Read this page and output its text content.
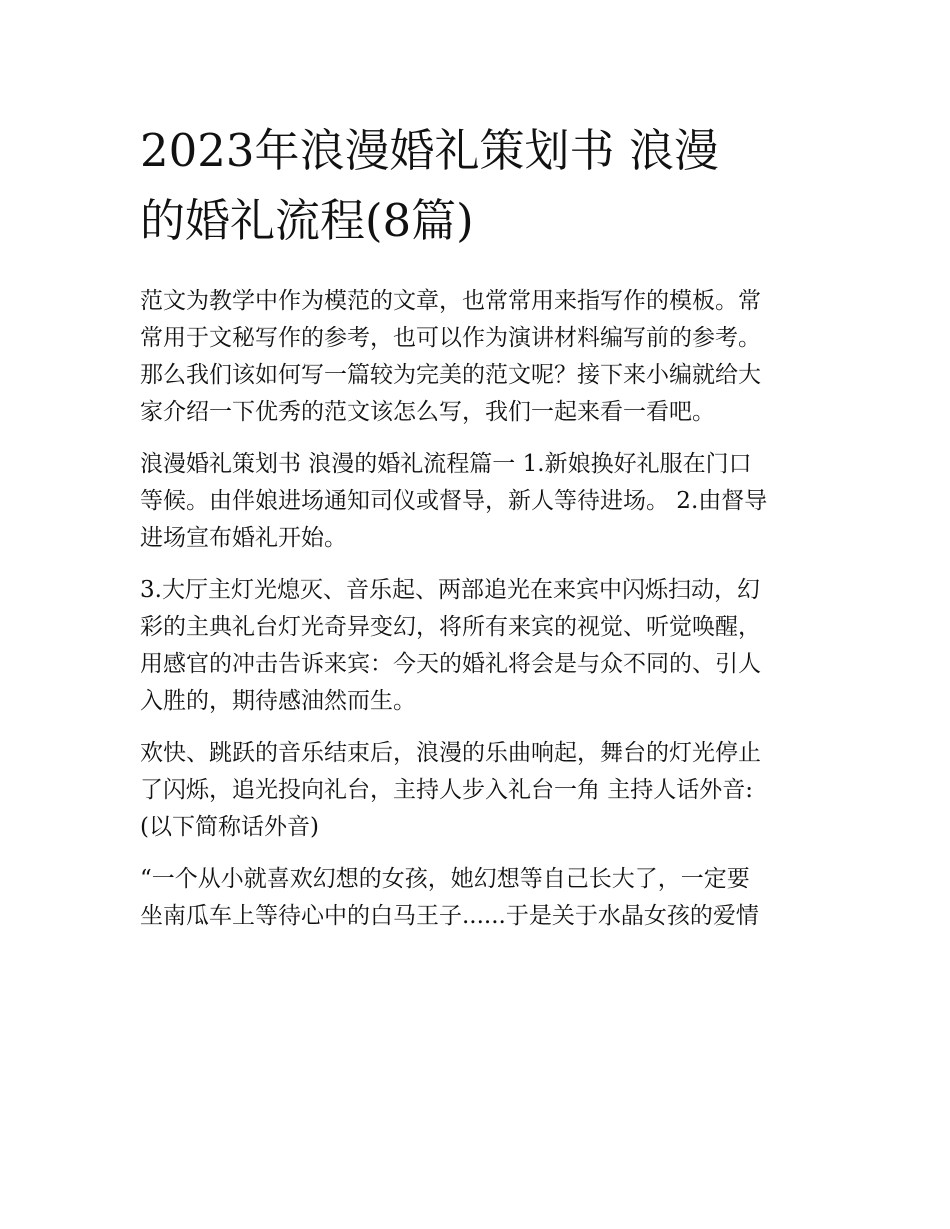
2023年浪漫婚礼策划书 浪漫
的婚礼流程(8篇)
范文为教学中作为模范的文章，也常常用来指写作的模板。常
常用于文秘写作的参考，也可以作为演讲材料编写前的参考。
那么我们该如何写一篇较为完美的范文呢？接下来小编就给大
家介绍一下优秀的范文该怎么写，我们一起来看一看吧。
浪漫婚礼策划书 浪漫的婚礼流程篇一 1.新娘换好礼服在门口
等候。由伴娘进场通知司仪或督导，新人等待进场。 2.由督导
进场宣布婚礼开始。
3.大厅主灯光熄灭、音乐起、两部追光在来宾中闪烁扫动，幻
彩的主典礼台灯光奇异变幻，将所有来宾的视觉、听觉唤醒，
用感官的冲击告诉来宾：今天的婚礼将会是与众不同的、引人
入胜的，期待感油然而生。
欢快、跳跃的音乐结束后，浪漫的乐曲响起，舞台的灯光停止
了闪烁，追光投向礼台，主持人步入礼台一角 主持人话外音:
(以下简称话外音)
“一个从小就喜欢幻想的女孩，她幻想等自己长大了，一定要
坐南瓜车上等待心中的白马王子......于是关于水晶女孩的爱情
